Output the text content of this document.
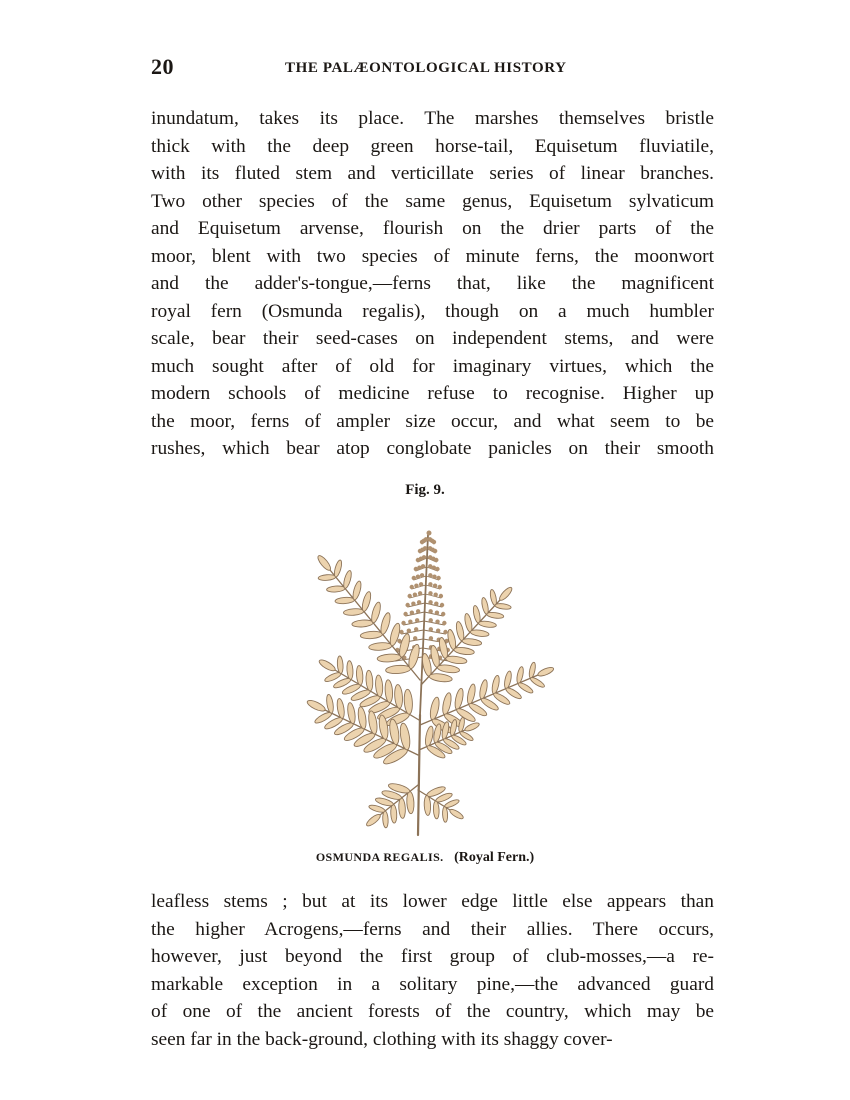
20	THE PALÆONTOLOGICAL HISTORY
inundatum, takes its place. The marshes themselves bristle
thick with the deep green horse-tail, Equisetum fluviatile,
with its fluted stem and verticillate series of linear branches.
Two other species of the same genus, Equisetum sylvaticum
and Equisetum arvense, flourish on the drier parts of the
moor, blent with two species of minute ferns, the moonwort
and the adder's-tongue,—ferns that, like the magnificent
royal fern (Osmunda regalis), though on a much humbler
scale, bear their seed-cases on independent stems, and were
much sought after of old for imaginary virtues, which the
modern schools of medicine refuse to recognise. Higher up
the moor, ferns of ampler size occur, and what seem to be
rushes, which bear atop conglobate panicles on their smooth
Fig. 9.
OSMUNDA REGALIS. (Royal Fern.)
leafless stems ; but at its lower edge little else appears than
the higher Acrogens,—ferns and their allies. There occurs,
however, just beyond the first group of club-mosses,—a re-
markable exception in a solitary pine,—the advanced guard
of one of the ancient forests of the country, which may be
seen far in the back-ground, clothing with its shaggy cover-
